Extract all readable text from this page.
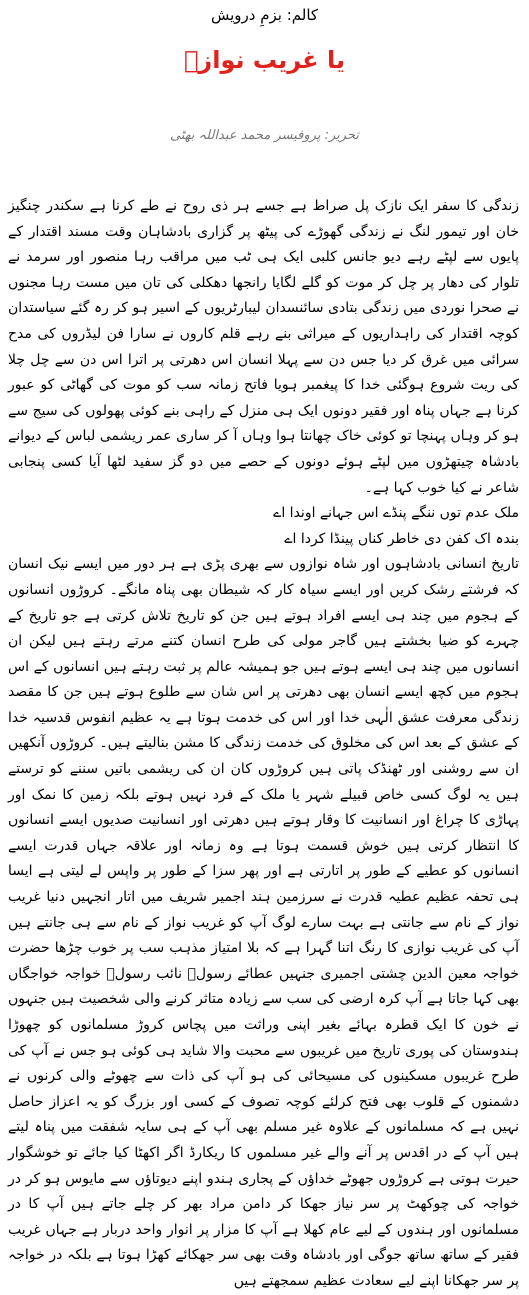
کالم: بزمِ درویش
یا غریب نوازؒ
تحریر: پروفیسر محمد عبداللہ بھٹی

زندگی کا سفر ایک نازک پل صراط ہے جسے ہر ذی روح نے طے کرنا ہے سکندر چنگیز خان اور تیمور لنگ نے زندگی گھوڑے کی پیٹھ پر گزاری بادشاہان وقت مسند اقتدار کے پایوں سے لپٹے رہے دیو جانس کلبی ایک ہی ٹب میں مراقب رہا منصور اور سرمد نے تلوار کی دھار پر چل کر موت کو گلے لگایا رانجھا دھکلی کی تان میں مست رہا مجنوں نے صحرا نوردی میں زندگی بتادی سائنسدان لیبارٹریوں کے اسیر ہو کر رہ گئے سیاستدان کوچہ اقتدار کی راہداریوں کے میراثی بنے رہے قلم کاروں نے سارا فن لیڈروں کی مدح سرائی میں غرق کر دیا جس دن سے پہلا انسان اس دھرتی پر اترا اس دن سے چل چلا کی ریت شروع ہوگئی خدا کا پیغمبر ہویا فاتح زمانہ سب کو موت کی گھاٹی کو عبور کرنا ہے جہاں پناہ اور فقیر دونوں ایک ہی منزل کے راہی بنے کوئی پھولوں کی سیج سے ہو کر وہاں پہنچا تو کوئی خاک چھانتا ہوا وہاں آ کر ساری عمر ریشمی لباس کے دیوانے بادشاہ چیتھڑوں میں لپٹے ہوئے دونوں کے حصے میں دو گز سفید لٹھا آیا کسی پنجابی شاعر نے کیا خوب کہا ہے۔

ملک عدم توں ننگے پنڈے اس جہانے اوندا اے

بندہ اک کفن دی خاطر کناں پینڈا کردا اے

تاریخ انسانی بادشاہوں اور شاہ نوازوں سے بھری پڑی ہے ہر دور میں ایسے نیک انسان کہ فرشتے رشک کریں اور ایسے سیاہ کار کہ شیطان بھی پناہ مانگے۔ کروڑوں انسانوں کے ہجوم میں چند ہی ایسے افراد ہوتے ہیں جن کو تاریخ تلاش کرتی ہے جو تاریخ کے چہرے کو ضیا بخشتے ہیں گاجر مولی کی طرح انسان کتنے مرتے رہتے ہیں لیکن ان انسانوں میں چند ہی ایسے ہوتے ہیں جو ہمیشہ عالم پر ثبت رہتے ہیں انسانوں کے اس ہجوم میں کچھ ایسے انسان بھی دھرتی پر اس شان سے طلوع ہوتے ہیں جن کا مقصد زندگی معرفت عشق الٰہی خدا اور اس کی خدمت ہوتا ہے یہ عظیم انفوس قدسیہ خدا کے عشق کے بعد اس کی مخلوق کی خدمت زندگی کا مشن بنالیتے ہیں۔ کروڑوں آنکھیں ان سے روشنی اور ٹھنڈک پاتی ہیں کروڑوں کان ان کی ریشمی باتیں سننے کو ترستے ہیں یہ لوگ کسی خاص قبیلے شہر یا ملک کے فرد نہیں ہوتے بلکہ زمین کا نمک اور پہاڑی کا چراغ اور انسانیت کا وقار ہوتے ہیں دھرتی اور انسانیت صدیوں ایسے انسانوں کا انتظار کرتی ہیں خوش قسمت ہوتا ہے وہ زمانہ اور علاقہ جہاں قدرت ایسے انسانوں کو عطیے کے طور پر اتارتی ہے اور پھر سزا کے طور پر واپس لے لیتی ہے ایسا ہی تحفہ عظیم عطیہ قدرت نے سرزمین ہند اجمیر شریف میں اتار انجہیں دنیا غریب نواز کے نام سے جانتی ہے بہت سارے لوگ آپ کو غریب نواز کے نام سے ہی جانتے ہیں آپ کی غریب نوازی کا رنگ اتنا گہرا ہے کہ بلا امتیاز مذہب سب پر خوب چڑھا حضرت خواجہ معین الدین چشتی اجمیری جنہیں عطائے رسولؐ نائب رسولؐ خواجہ خواجگاں بھی کہا جاتا ہے آپ کرہ ارضی کی سب سے زیادہ متاثر کرنے والی شخصیت ہیں جنہوں نے خون کا ایک قطرہ بہائے بغیر اپنی وراثت میں پچاس کروڑ مسلمانوں کو چھوڑا ہندوستان کی پوری تاریخ میں غریبوں سے محبت والا شاید ہی کوئی ہو جس نے آپ کی طرح غریبوں مسکینوں کی مسیحائی کی ہو آپ کی ذات سے چھوٹے والی کرنوں نے دشمنوں کے قلوب بھی فتح کرلئے کوچہ تصوف کے کسی اور بزرگ کو یہ اعزاز حاصل نہیں ہے کہ مسلمانوں کے علاوہ غیر مسلم بھی آپ کے ہی سایہ شفقت میں پناہ لیتے ہیں آپ کے در اقدس پر آنے والے غیر مسلموں کا ریکارڈ اگر اکھٹا کیا جائے تو خوشگوار حیرت ہوتی ہے کروڑوں جھوٹے خداؤں کے پجاری ہندو اپنے دیوتاؤں سے مایوس ہو کر در خواجہ کی چوکھٹ پر سر نیاز جھکا کر دامن مراد بھر کر چلے جاتے ہیں آپ کا در مسلمانوں اور ہندوں کے لیے عام کھلا ہے آپ کا مزار پر انوار واحد دربار ہے جہاں غریب فقیر کے ساتھ ساتھ جوگی اور بادشاہ وقت بھی سر جھکائے کھڑا ہوتا ہے بلکہ در خواجہ پر سر جھکانا اپنے لیے سعادت عظیم سمجھتے ہیں
